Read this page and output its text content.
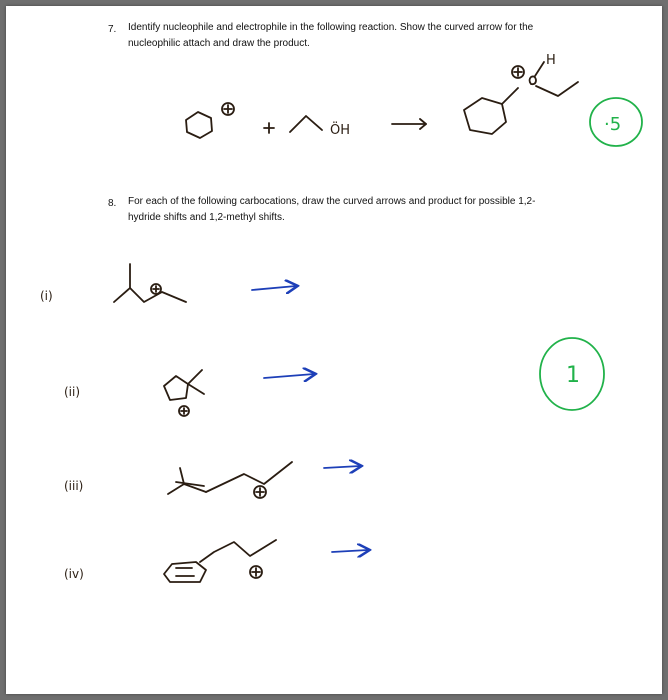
7. Identify nucleophile and electrophile in the following reaction. Show the curved arrow for the
nucleophilic attach and draw the product.
8. For each of the following carbocations, draw the curved arrows and product for possible 1,2-
hydride shifts and 1,2-methyl shifts.
ÖH
H
(i)
(ii)
(iii)
(iv)
·5
1
